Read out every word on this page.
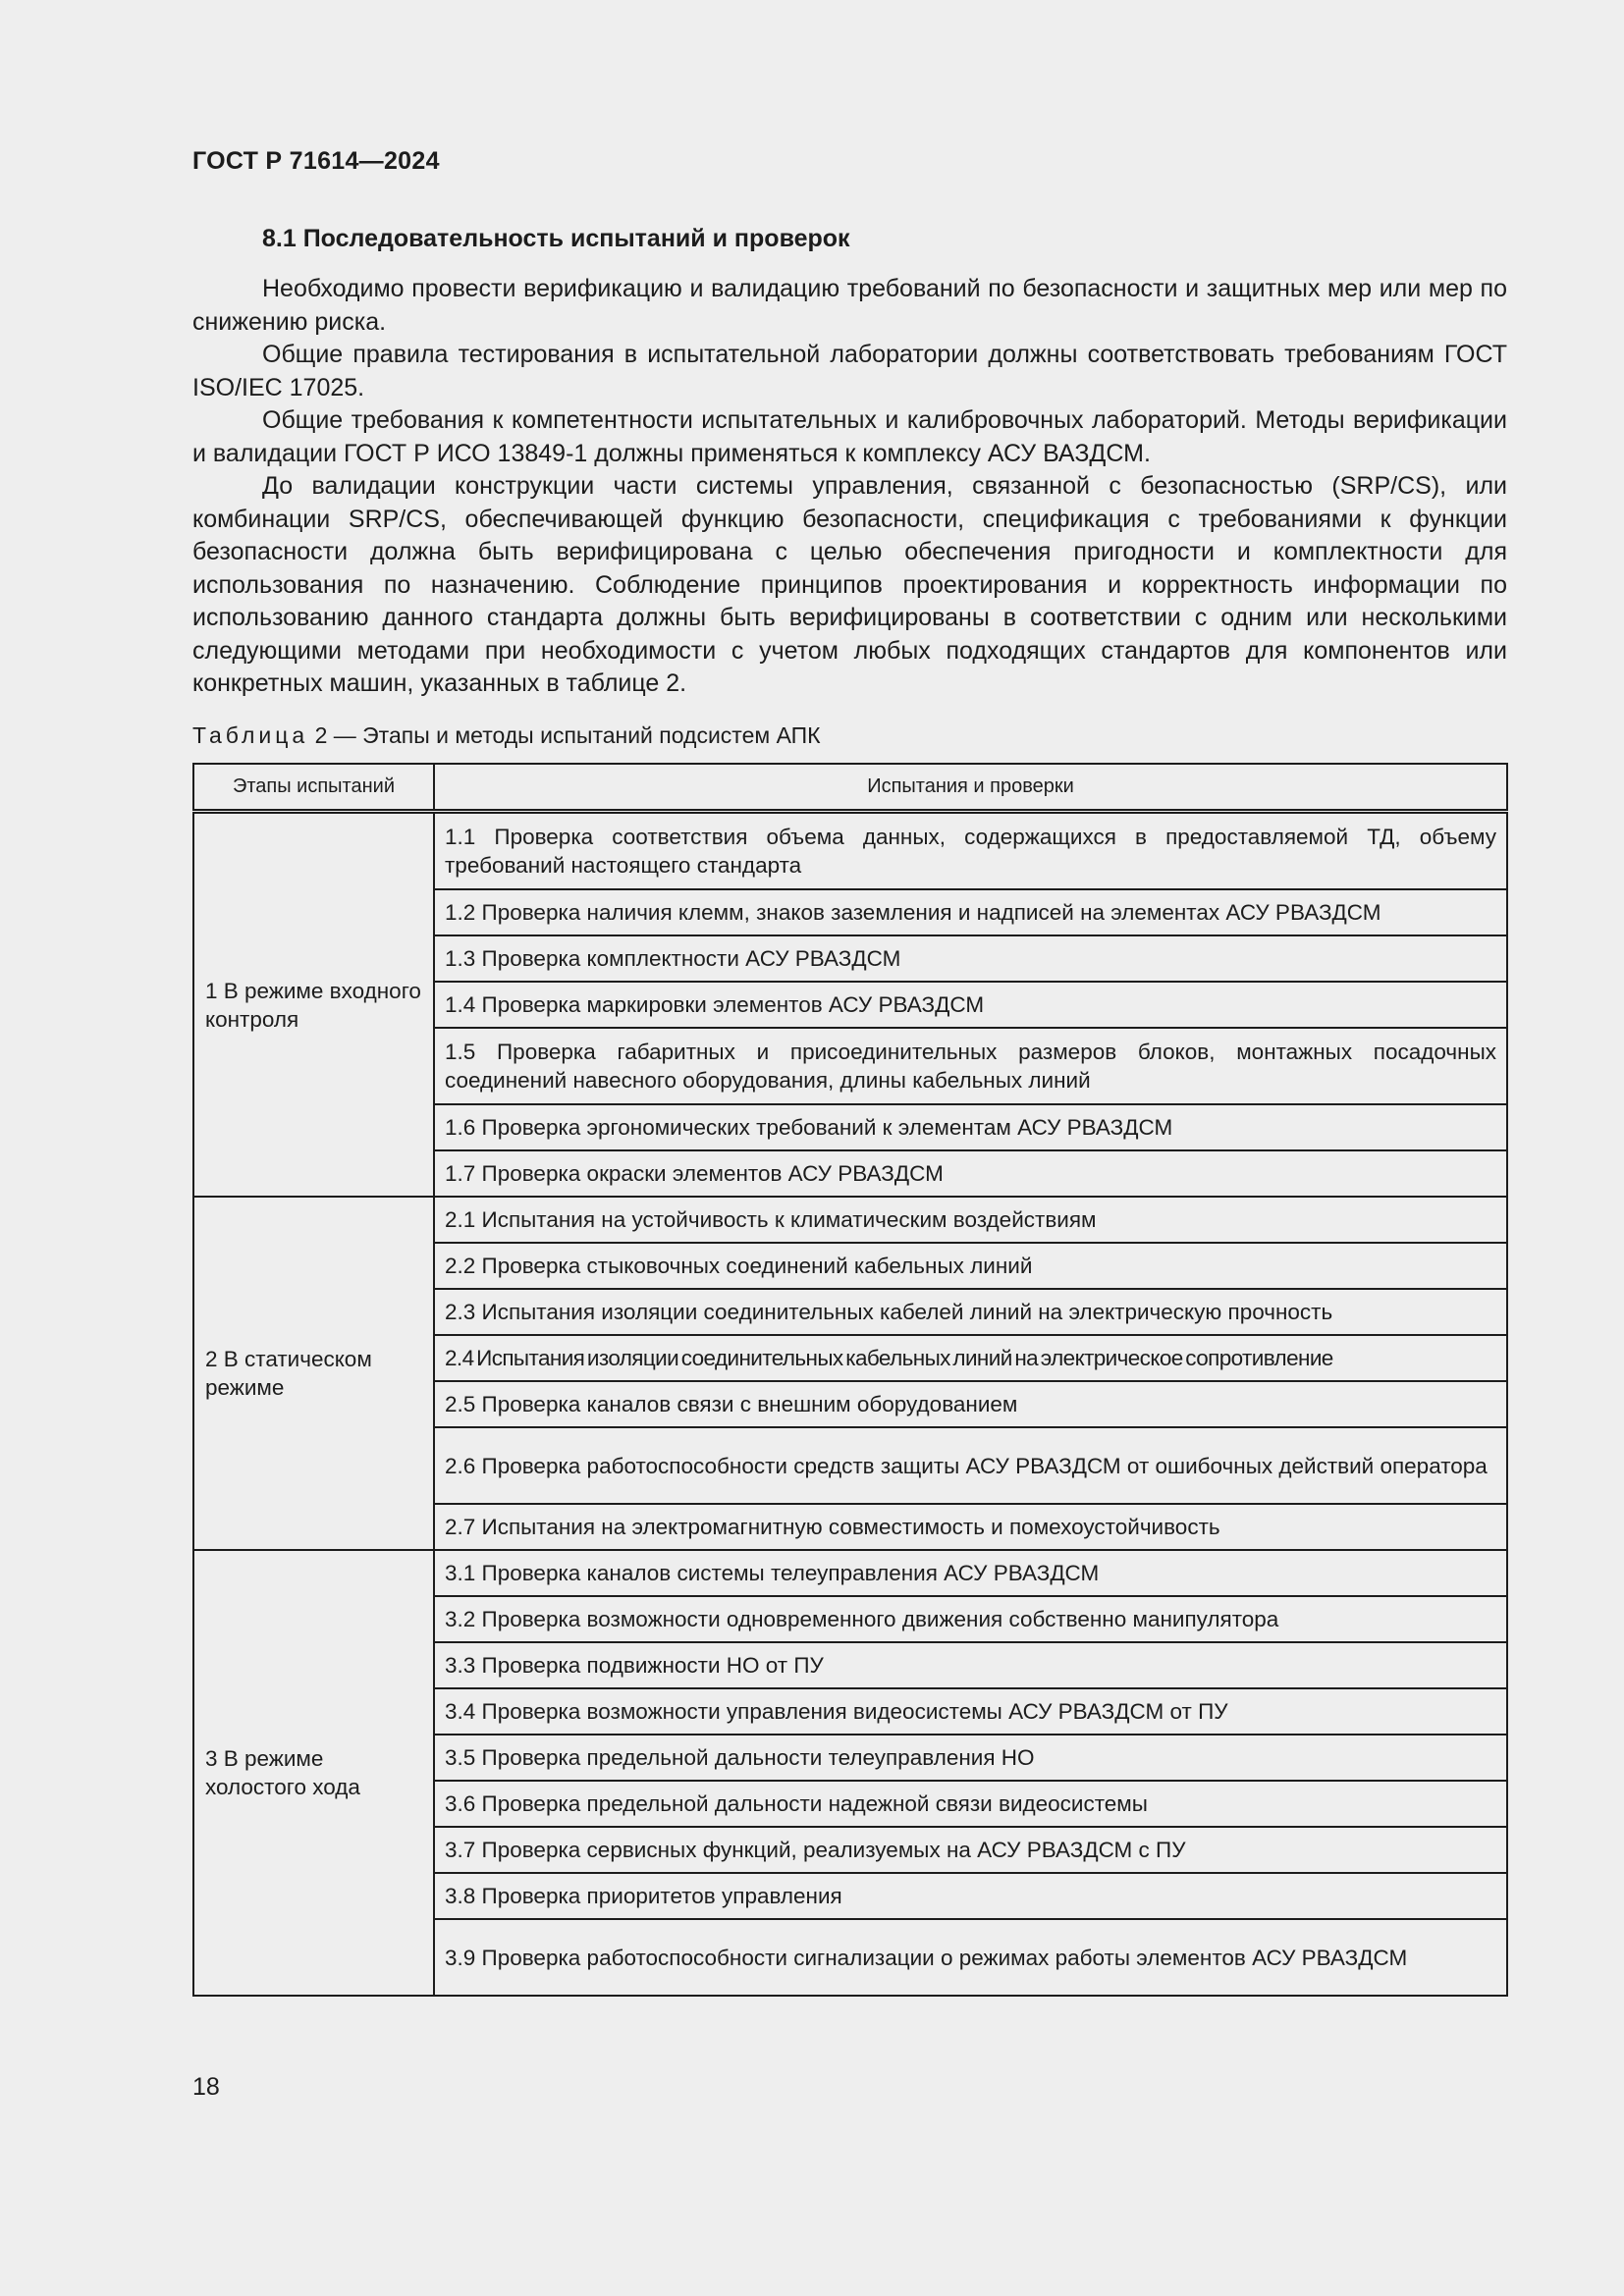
ГОСТ Р 71614—2024
8.1 Последовательность испытаний и проверок

Необходимо провести верификацию и валидацию требований по безопасности и защитных мер или мер по снижению риска.

Общие правила тестирования в испытательной лаборатории должны соответствовать требованиям ГОСТ ISO/IEC 17025.

Общие требования к компетентности испытательных и калибровочных лабораторий. Методы верификации и валидации ГОСТ Р ИСО 13849-1 должны применяться к комплексу АСУ ВАЗДСМ.

До валидации конструкции части системы управления, связанной с безопасностью (SRP/CS), или комбинации SRP/CS, обеспечивающей функцию безопасности, спецификация с требованиями к функции безопасности должна быть верифицирована с целью обеспечения пригодности и комплектности для использования по назначению. Соблюдение принципов проектирования и корректность информации по использованию данного стандарта должны быть верифицированы в соответствии с одним или несколькими следующими методами при необходимости с учетом любых подходящих стандартов для компонентов или конкретных машин, указанных в таблице 2.

Таблица 2 — Этапы и методы испытаний подсистем АПК
Этапы испытаний	Испытания и проверки
1 В режиме входного контроля	1.1 Проверка соответствия объема данных, содержащихся в предоставляемой ТД, объему требований настоящего стандарта
	1.2 Проверка наличия клемм, знаков заземления и надписей на элементах АСУ РВАЗДСМ
	1.3 Проверка комплектности АСУ РВАЗДСМ
	1.4 Проверка маркировки элементов АСУ РВАЗДСМ
	1.5 Проверка габаритных и присоединительных размеров блоков, монтажных посадочных соединений навесного оборудования, длины кабельных линий
	1.6 Проверка эргономических требований к элементам АСУ РВАЗДСМ
	1.7 Проверка окраски элементов АСУ РВАЗДСМ
2 В статическом режиме	2.1 Испытания на устойчивость к климатическим воздействиям
	2.2 Проверка стыковочных соединений кабельных линий
	2.3 Испытания изоляции соединительных кабелей линий на электрическую прочность
	2.4 Испытания изоляции соединительных кабельных линий на электрическое сопротивление
	2.5 Проверка каналов связи с внешним оборудованием
	2.6 Проверка работоспособности средств защиты АСУ РВАЗДСМ от ошибочных действий оператора
	2.7 Испытания на электромагнитную совместимость и помехоустойчивость
3 В режиме холостого хода	3.1 Проверка каналов системы телеуправления АСУ РВАЗДСМ
	3.2 Проверка возможности одновременного движения собственно манипулятора
	3.3 Проверка подвижности НО от ПУ
	3.4 Проверка возможности управления видеосистемы АСУ РВАЗДСМ от ПУ
	3.5 Проверка предельной дальности телеуправления НО
	3.6 Проверка предельной дальности надежной связи видеосистемы
	3.7 Проверка сервисных функций, реализуемых на АСУ РВАЗДСМ с ПУ
	3.8 Проверка приоритетов управления
	3.9 Проверка работоспособности сигнализации о режимах работы элементов АСУ РВАЗДСМ
18
